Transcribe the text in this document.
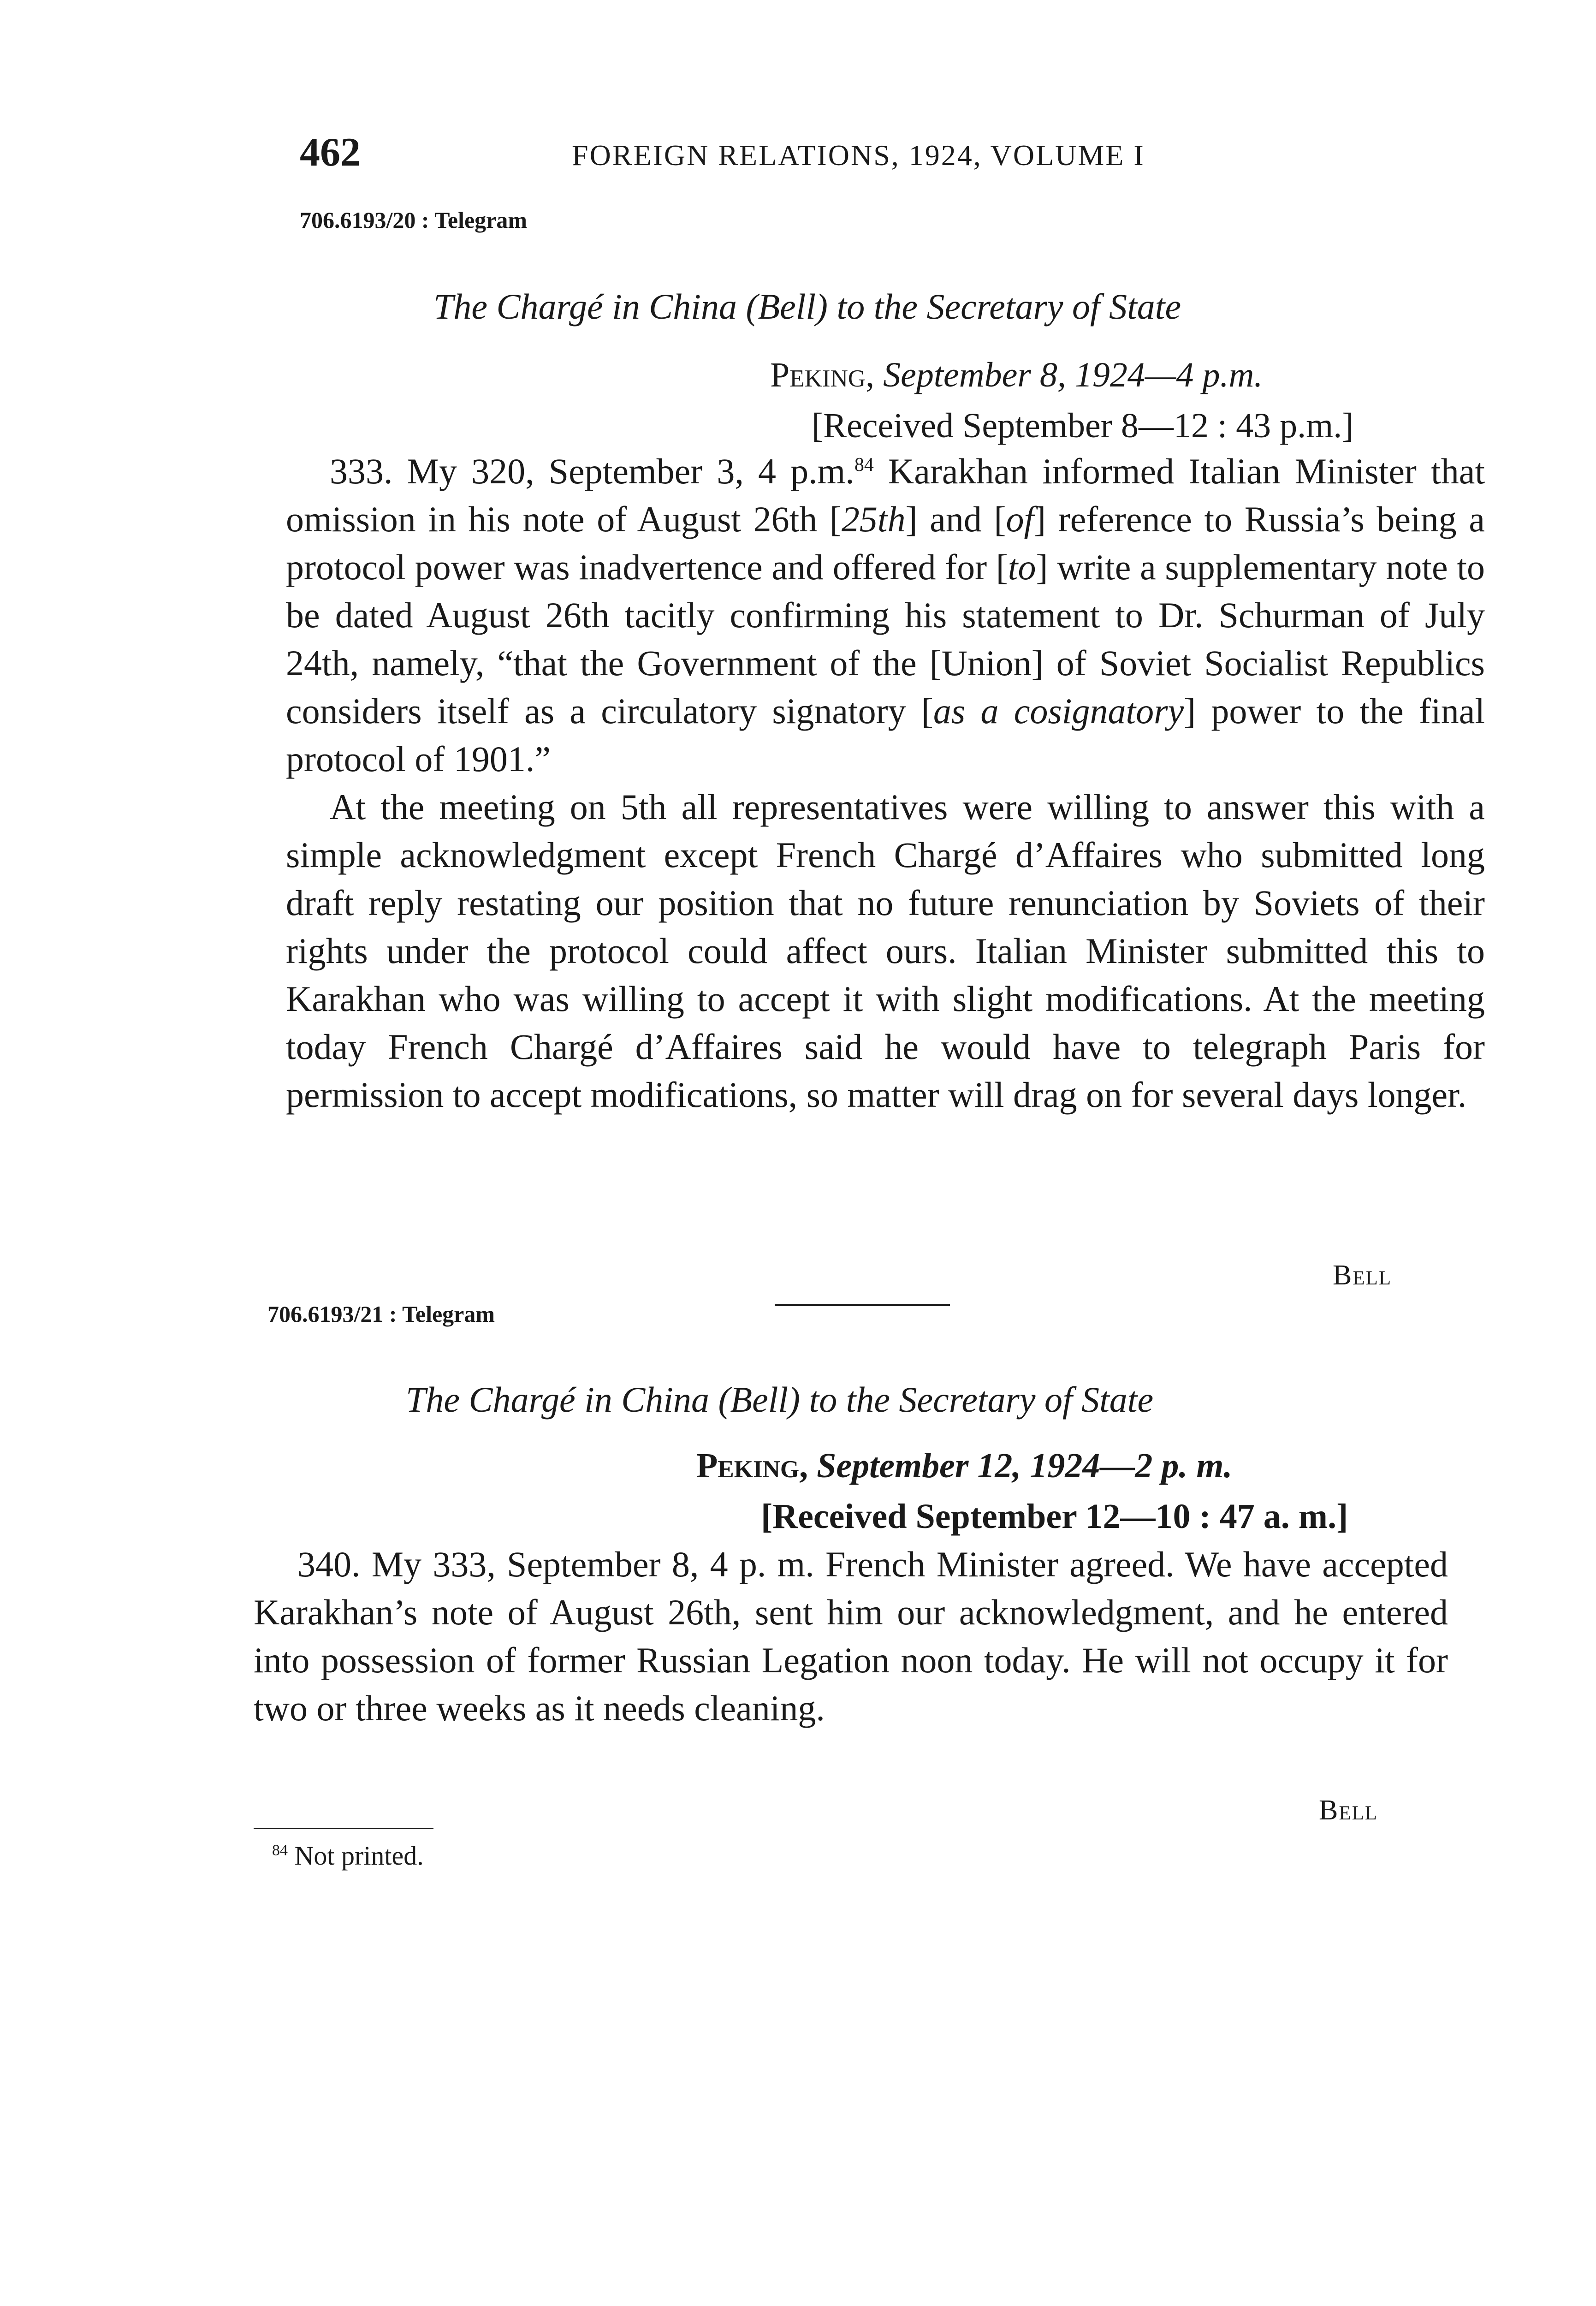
462	FOREIGN RELATIONS, 1924, VOLUME I
706.6193/20 : Telegram
The Chargé in China (Bell) to the Secretary of State
Peking, September 8, 1924—4 p.m.
[Received September 8—12 : 43 p.m.]

333. My 320, September 3, 4 p.m.$^{84}$ Karakhan informed Italian Minister that omission in his note of August 26th [25th] and [of] reference to Russia’s being a protocol power was inadvertence and offered for [to] write a supplementary note to be dated August 26th tacitly confirming his statement to Dr. Schurman of July 24th, namely, “that the Government of the [Union] of Soviet Socialist Republics considers itself as a circulatory signatory [as a cosignatory] power to the final protocol of 1901.”

At the meeting on 5th all representatives were willing to answer this with a simple acknowledgment except French Chargé d’Affaires who submitted long draft reply restating our position that no future renunciation by Soviets of their rights under the protocol could affect ours. Italian Minister submitted this to Karakhan who was willing to accept it with slight modifications. At the meeting today French Chargé d’Affaires said he would have to telegraph Paris for permission to accept modifications, so matter will drag on for several days longer.

Bell
706.6193/21 : Telegram
The Chargé in China (Bell) to the Secretary of State
Peking, September 12, 1924—2 p. m.
[Received September 12—10 : 47 a. m.]

340. My 333, September 8, 4 p. m. French Minister agreed. We have accepted Karakhan’s note of August 26th, sent him our acknowledgment, and he entered into possession of former Russian Legation noon today. He will not occupy it for two or three weeks as it needs cleaning.

Bell
$^{84}$ Not printed.
